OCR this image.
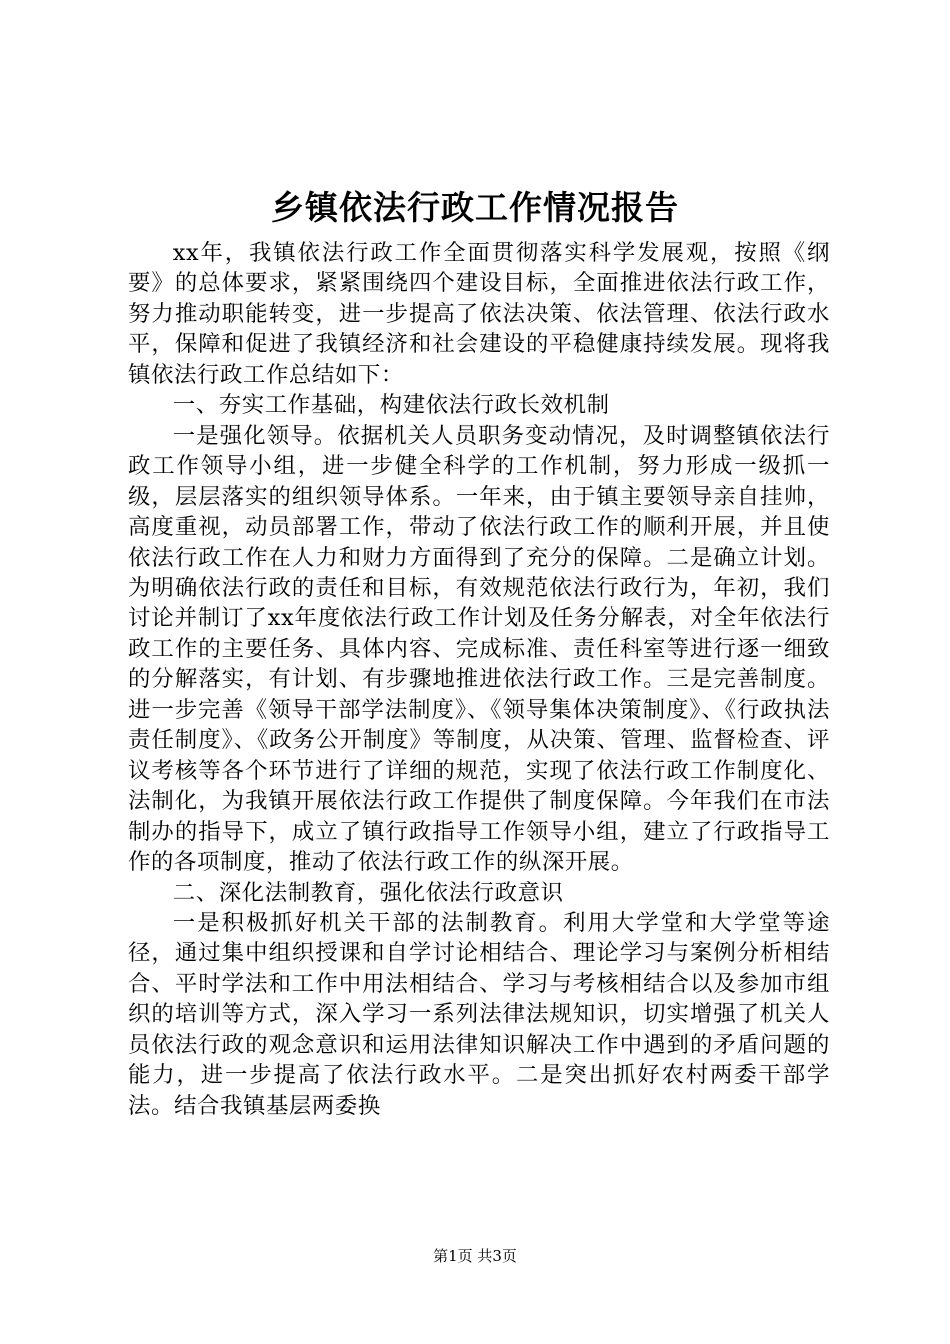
乡镇依法行政工作情况报告

xx年，我镇依法行政工作全面贯彻落实科学发展观，按照《纲要》的总体要求，紧紧围绕四个建设目标，全面推进依法行政工作，努力推动职能转变，进一步提高了依法决策、依法管理、依法行政水平，保障和促进了我镇经济和社会建设的平稳健康持续发展。现将我镇依法行政工作总结如下：

一、夯实工作基础，构建依法行政长效机制

一是强化领导。依据机关人员职务变动情况，及时调整镇依法行政工作领导小组，进一步健全科学的工作机制，努力形成一级抓一级，层层落实的组织领导体系。一年来，由于镇主要领导亲自挂帅，高度重视，动员部署工作，带动了依法行政工作的顺利开展，并且使依法行政工作在人力和财力方面得到了充分的保障。二是确立计划。为明确依法行政的责任和目标，有效规范依法行政行为，年初，我们讨论并制订了xx年度依法行政工作计划及任务分解表，对全年依法行政工作的主要任务、具体内容、完成标准、责任科室等进行逐一细致的分解落实，有计划、有步骤地推进依法行政工作。三是完善制度。进一步完善《领导干部学法制度》、《领导集体决策制度》、《行政执法责任制度》、《政务公开制度》等制度，从决策、管理、监督检查、评议考核等各个环节进行了详细的规范，实现了依法行政工作制度化、法制化，为我镇开展依法行政工作提供了制度保障。今年我们在市法制办的指导下，成立了镇行政指导工作领导小组，建立了行政指导工作的各项制度，推动了依法行政工作的纵深开展。

二、深化法制教育，强化依法行政意识

一是积极抓好机关干部的法制教育。利用大学堂和大学堂等途径，通过集中组织授课和自学讨论相结合、理论学习与案例分析相结合、平时学法和工作中用法相结合、学习与考核相结合以及参加市组织的培训等方式，深入学习一系列法律法规知识，切实增强了机关人员依法行政的观念意识和运用法律知识解决工作中遇到的矛盾问题的能力，进一步提高了依法行政水平。二是突出抓好农村两委干部学法。结合我镇基层两委换

第1页 共3页
